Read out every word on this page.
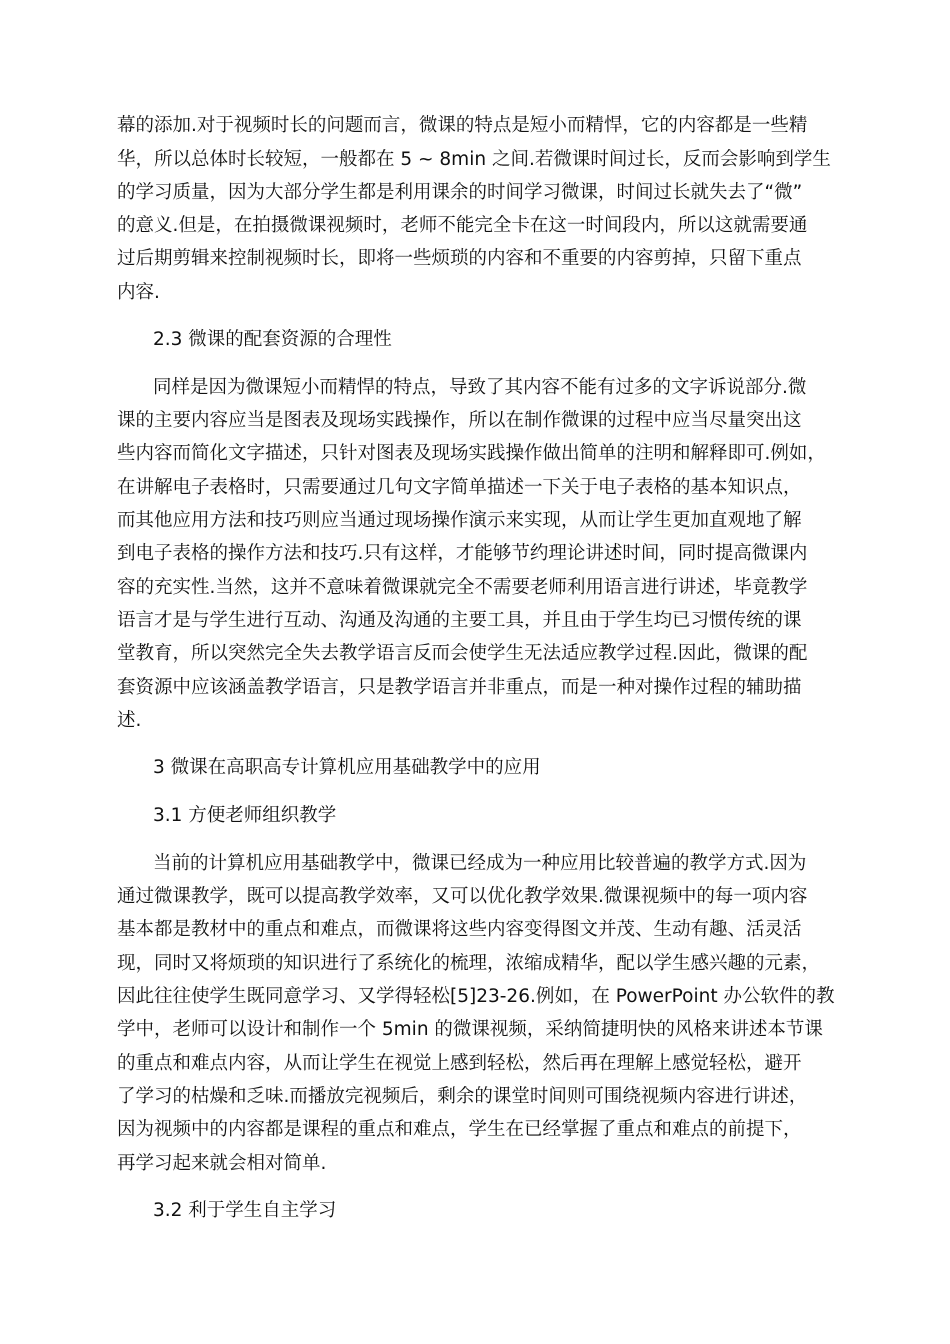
幕的添加.对于视频时长的问题而言，微课的特点是短小而精悍，它的内容都是一些精
华，所以总体时长较短，一般都在 5 ~ 8min 之间.若微课时间过长，反而会影响到学生
的学习质量，因为大部分学生都是利用课余的时间学习微课，时间过长就失去了“微”
的意义.但是，在拍摄微课视频时，老师不能完全卡在这一时间段内，所以这就需要通
过后期剪辑来控制视频时长，即将一些烦琐的内容和不重要的内容剪掉，只留下重点
内容.
2.3 微课的配套资源的合理性
同样是因为微课短小而精悍的特点，导致了其内容不能有过多的文字诉说部分.微
课的主要内容应当是图表及现场实践操作，所以在制作微课的过程中应当尽量突出这
些内容而简化文字描述，只针对图表及现场实践操作做出简单的注明和解释即可.例如，
在讲解电子表格时，只需要通过几句文字简单描述一下关于电子表格的基本知识点，
而其他应用方法和技巧则应当通过现场操作演示来实现，从而让学生更加直观地了解
到电子表格的操作方法和技巧.只有这样，才能够节约理论讲述时间，同时提高微课内
容的充实性.当然，这并不意味着微课就完全不需要老师利用语言进行讲述，毕竟教学
语言才是与学生进行互动、沟通及沟通的主要工具，并且由于学生均已习惯传统的课
堂教育，所以突然完全失去教学语言反而会使学生无法适应教学过程.因此，微课的配
套资源中应该涵盖教学语言，只是教学语言并非重点，而是一种对操作过程的辅助描
述.
3 微课在高职高专计算机应用基础教学中的应用
3.1 方便老师组织教学
当前的计算机应用基础教学中，微课已经成为一种应用比较普遍的教学方式.因为
通过微课教学，既可以提高教学效率，又可以优化教学效果.微课视频中的每一项内容
基本都是教材中的重点和难点，而微课将这些内容变得图文并茂、生动有趣、活灵活
现，同时又将烦琐的知识进行了系统化的梳理，浓缩成精华，配以学生感兴趣的元素，
因此往往使学生既同意学习、又学得轻松[5]23-26.例如，在 PowerPoint 办公软件的教
学中，老师可以设计和制作一个 5min 的微课视频，采纳简捷明快的风格来讲述本节课
的重点和难点内容，从而让学生在视觉上感到轻松，然后再在理解上感觉轻松，避开
了学习的枯燥和乏味.而播放完视频后，剩余的课堂时间则可围绕视频内容进行讲述，
因为视频中的内容都是课程的重点和难点，学生在已经掌握了重点和难点的前提下，
再学习起来就会相对简单.
3.2 利于学生自主学习
